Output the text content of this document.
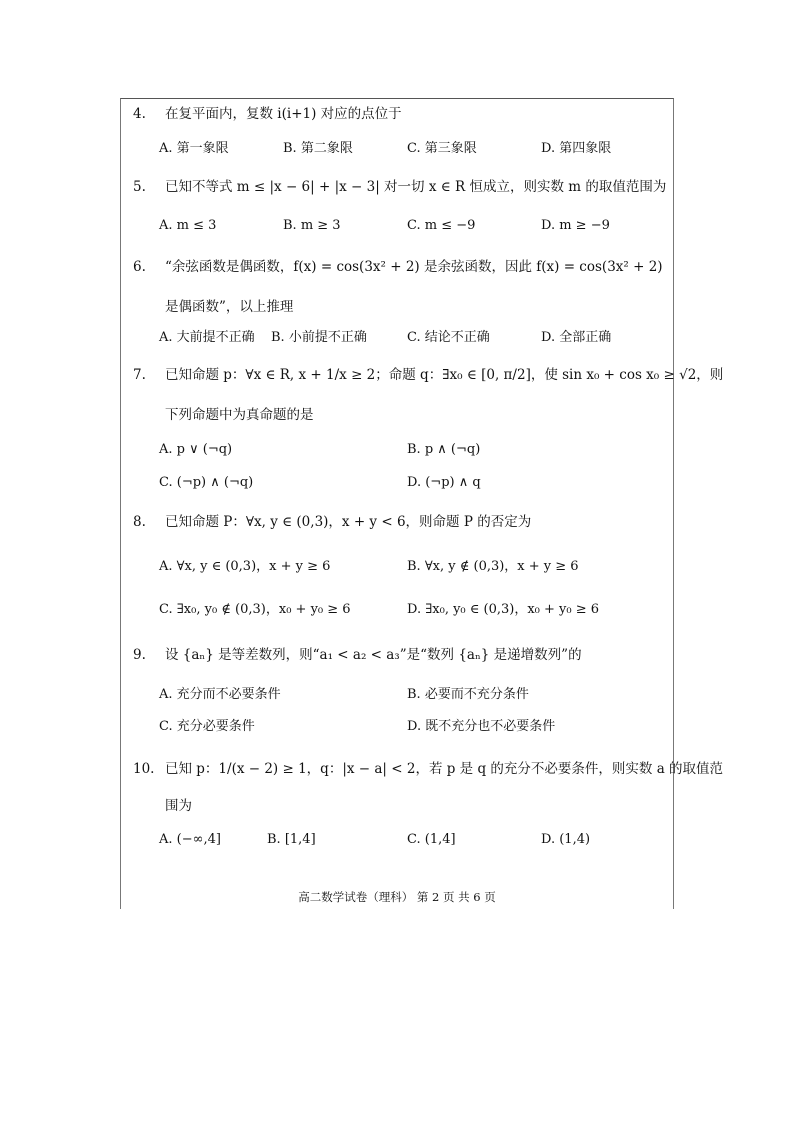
4. 在复平面内，复数 i(i+1) 对应的点位于
A. 第一象限	B. 第二象限	C. 第三象限	D. 第四象限
5. 已知不等式 m ≤ |x − 6| + |x − 3| 对一切 x ∈ R 恒成立，则实数 m 的取值范围为
A. m ≤ 3	B. m ≥ 3	C. m ≤ −9	D. m ≥ −9
6. “余弦函数是偶函数，f(x) = cos(3x² + 2) 是余弦函数，因此 f(x) = cos(3x² + 2)
是偶函数”，以上推理
A. 大前提不正确 B. 小前提不正确	C. 结论不正确	D. 全部正确
7. 已知命题 p：∀x ∈ R, x + 1/x ≥ 2；命题 q：∃x₀ ∈ [0, π/2]，使 sin x₀ + cos x₀ ≥ √2，则
下列命题中为真命题的是
A. p ∨ (¬q)	B. p ∧ (¬q)
C. (¬p) ∧ (¬q)	D. (¬p) ∧ q
8. 已知命题 P：∀x, y ∈ (0,3)，x + y < 6，则命题 P 的否定为
A. ∀x, y ∈ (0,3)，x + y ≥ 6	B. ∀x, y ∉ (0,3)，x + y ≥ 6
C. ∃x₀, y₀ ∉ (0,3)，x₀ + y₀ ≥ 6	D. ∃x₀, y₀ ∈ (0,3)，x₀ + y₀ ≥ 6
9. 设 {aₙ} 是等差数列，则“a₁ < a₂ < a₃”是“数列 {aₙ} 是递增数列”的
A. 充分而不必要条件	B. 必要而不充分条件
C. 充分必要条件	D. 既不充分也不必要条件
10. 已知 p：1/(x − 2) ≥ 1，q：|x − a| < 2，若 p 是 q 的充分不必要条件，则实数 a 的取值范
围为
A. (−∞,4]	B. [1,4]	C. (1,4]	D. (1,4)
高二数学试卷（理科） 第 2 页 共 6 页
